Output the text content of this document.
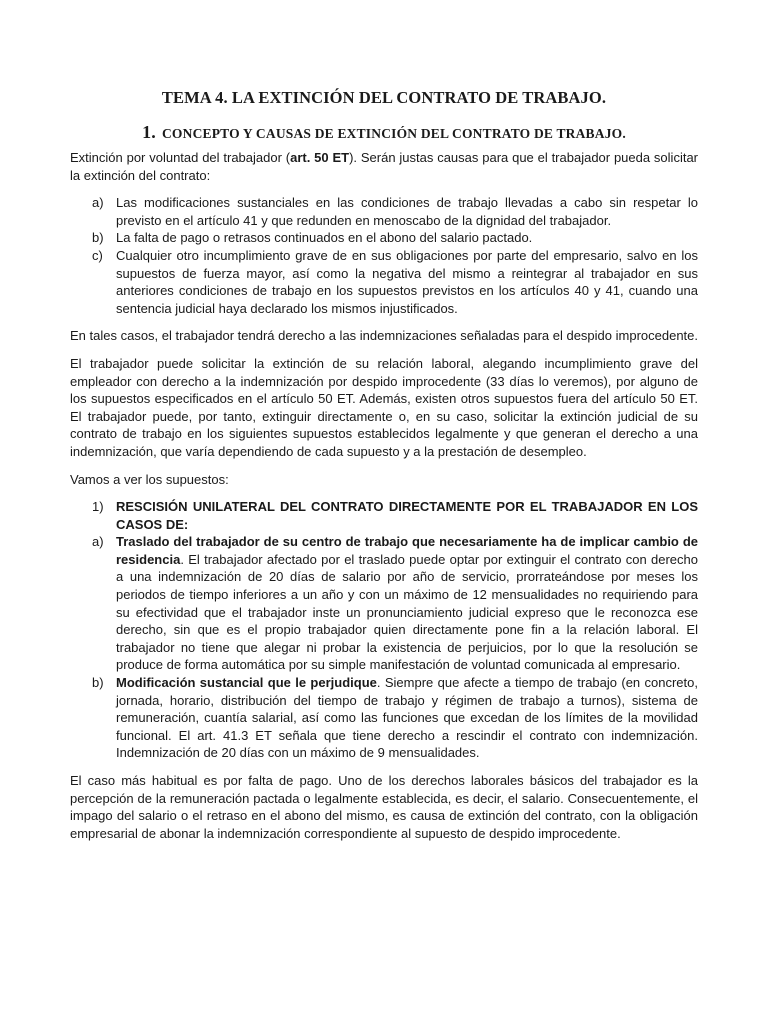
TEMA 4. LA EXTINCIÓN DEL CONTRATO DE TRABAJO.
1. CONCEPTO Y CAUSAS DE EXTINCIÓN DEL CONTRATO DE TRABAJO.

Extinción por voluntad del trabajador (art. 50 ET). Serán justas causas para que el trabajador pueda solicitar la extinción del contrato:

a) Las modificaciones sustanciales en las condiciones de trabajo llevadas a cabo sin respetar lo previsto en el artículo 41 y que redunden en menoscabo de la dignidad del trabajador.
b) La falta de pago o retrasos continuados en el abono del salario pactado.
c) Cualquier otro incumplimiento grave de en sus obligaciones por parte del empresario, salvo en los supuestos de fuerza mayor, así como la negativa del mismo a reintegrar al trabajador en sus anteriores condiciones de trabajo en los supuestos previstos en los artículos 40 y 41, cuando una sentencia judicial haya declarado los mismos injustificados.

En tales casos, el trabajador tendrá derecho a las indemnizaciones señaladas para el despido improcedente.

El trabajador puede solicitar la extinción de su relación laboral, alegando incumplimiento grave del empleador con derecho a la indemnización por despido improcedente (33 días lo veremos), por alguno de los supuestos especificados en el artículo 50 ET. Además, existen otros supuestos fuera del artículo 50 ET. El trabajador puede, por tanto, extinguir directamente o, en su caso, solicitar la extinción judicial de su contrato de trabajo en los siguientes supuestos establecidos legalmente y que generan el derecho a una indemnización, que varía dependiendo de cada supuesto y a la prestación de desempleo.

Vamos a ver los supuestos:

1) RESCISIÓN UNILATERAL DEL CONTRATO DIRECTAMENTE POR EL TRABAJADOR EN LOS CASOS DE:
a) Traslado del trabajador de su centro de trabajo que necesariamente ha de implicar cambio de residencia. El trabajador afectado por el traslado puede optar por extinguir el contrato con derecho a una indemnización de 20 días de salario por año de servicio, prorrateándose por meses los periodos de tiempo inferiores a un año y con un máximo de 12 mensualidades no requiriendo para su efectividad que el trabajador inste un pronunciamiento judicial expreso que le reconozca ese derecho, sin que es el propio trabajador quien directamente pone fin a la relación laboral. El trabajador no tiene que alegar ni probar la existencia de perjuicios, por lo que la resolución se produce de forma automática por su simple manifestación de voluntad comunicada al empresario.
b) Modificación sustancial que le perjudique. Siempre que afecte a tiempo de trabajo (en concreto, jornada, horario, distribución del tiempo de trabajo y régimen de trabajo a turnos), sistema de remuneración, cuantía salarial, así como las funciones que excedan de los límites de la movilidad funcional. El art. 41.3 ET señala que tiene derecho a rescindir el contrato con indemnización. Indemnización de 20 días con un máximo de 9 mensualidades.

El caso más habitual es por falta de pago. Uno de los derechos laborales básicos del trabajador es la percepción de la remuneración pactada o legalmente establecida, es decir, el salario. Consecuentemente, el impago del salario o el retraso en el abono del mismo, es causa de extinción del contrato, con la obligación empresarial de abonar la indemnización correspondiente al supuesto de despido improcedente.
